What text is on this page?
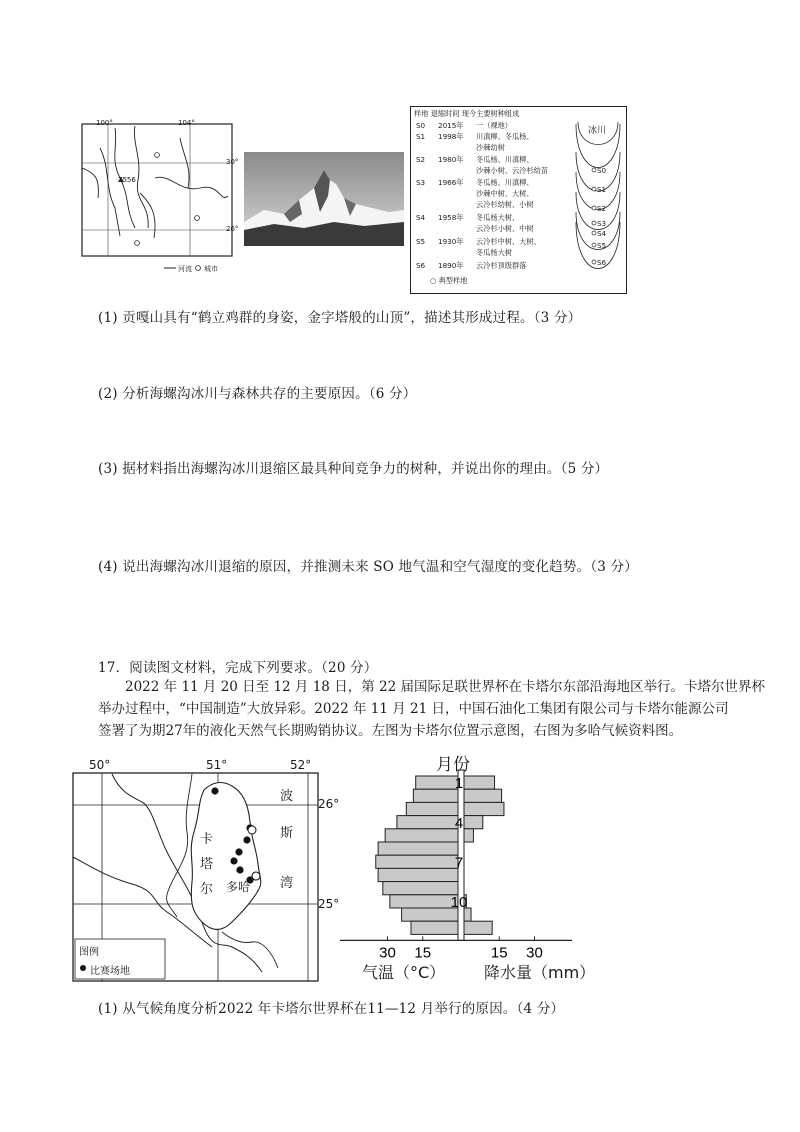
100°	104°
30°
26°
7556
河流 城市
样地 退缩时间 现今主要树种组成
S0 2015年 一（裸地）
S1 1998年 川滇柳、冬瓜杨、
沙棘幼树
S2 1980年 冬瓜杨、川滇柳、
沙棘小树、云冷杉幼苗
S3 1966年 冬瓜杨、川滇柳、
沙棘中树、大树、
云冷杉幼树、小树
S4 1958年 冬瓜杨大树、
云冷杉小树、中树
S5 1930年 云冷杉中树、大树、
冬瓜杨大树
S6 1890年 云冷杉顶级群落
○ 典型样地
冰川
S0
S1
S2
S3
S4
S5
S6
(1) 贡嘎山具有“鹤立鸡群的身姿，金字塔般的山顶”，描述其形成过程。（3 分）
(2) 分析海螺沟冰川与森林共存的主要原因。（6 分）
(3) 据材料指出海螺沟冰川退缩区最具种间竞争力的树种，并说出你的理由。（5 分）
(4) 说出海螺沟冰川退缩的原因，并推测未来 SO 地气温和空气湿度的变化趋势。（3 分）
17．阅读图文材料，完成下列要求。（20 分）
2022 年 11 月 20 日至 12 月 18 日，第 22 届国际足联世界杯在卡塔尔东部沿海地区举行。卡塔尔世界杯
举办过程中，“中国制造”大放异彩。2022 年 11 月 21 日，中国石油化工集团有限公司与卡塔尔能源公司
签署了为期27年的液化天然气长期购销协议。左图为卡塔尔位置示意图，右图为多哈气候资料图。
50°	51°	52°
26°
25°
波
斯
湾
卡
塔
尔 多哈
图例
比赛场地
30 15	15 30
1
4
7
10
月份
气温（°C） 降水量（mm）
(1) 从气候角度分析2022 年卡塔尔世界杯在11—12 月举行的原因。（4 分）
